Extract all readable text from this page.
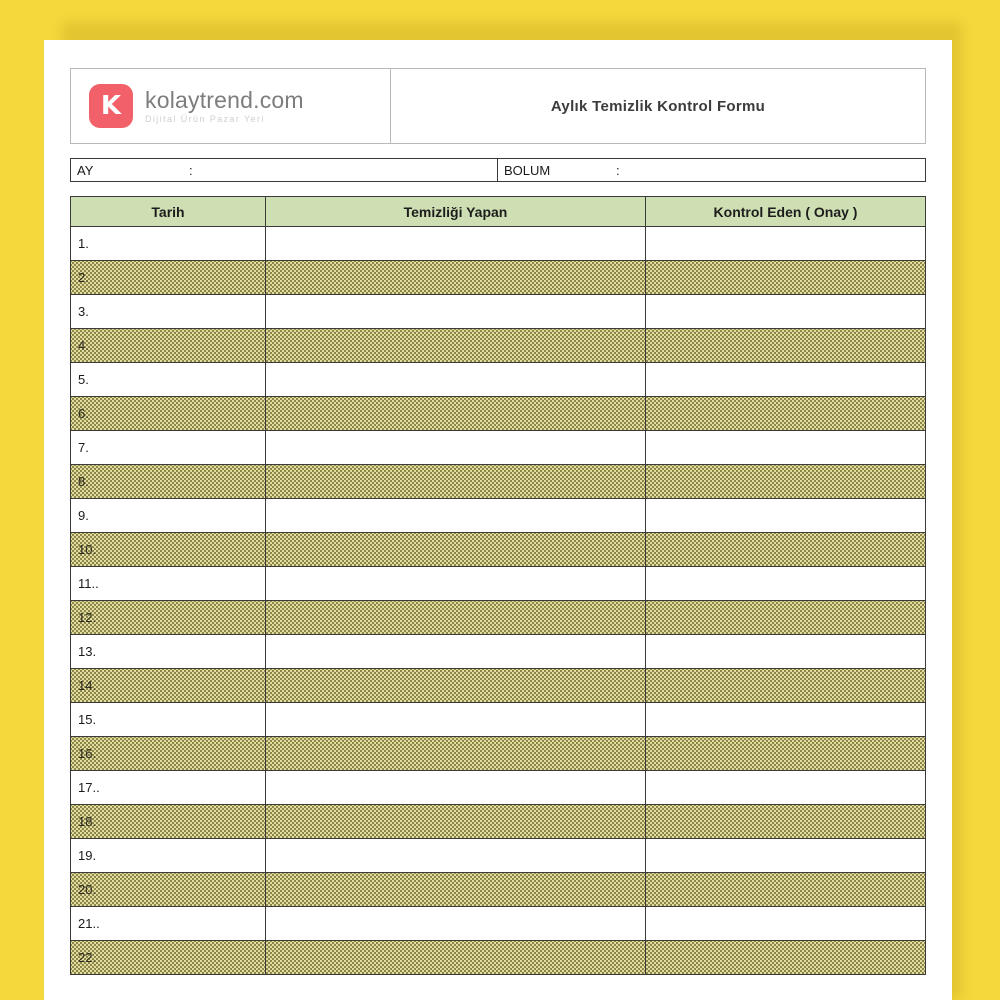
K	kolaytrend.com
Dijital Ürün Pazar Yeri
Aylık Temizlik Kontrol Formu
AY	:	BOLUM	:
Tarih	Temizliği Yapan	Kontrol Eden ( Onay )
1.
2.
3.
4.
5.
6.
7.
8.
9.
10.
11..
12.
13.
14.
15.
16.
17..
18.
19.
20.
21..
22.
